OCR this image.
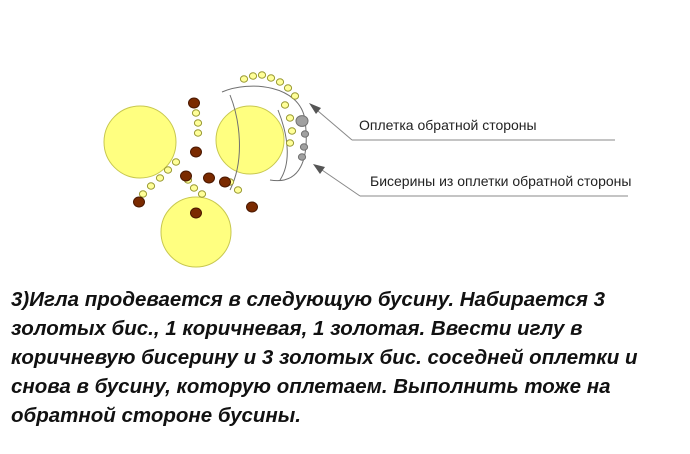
Оплетка обратной стороны
Бисерины из оплетки обратной стороны

3)Игла продевается в следующую бусину. Набирается 3 золотых бис., 1 коричневая, 1 золотая. Ввести иглу в коричневую бисерину и 3 золотых бис. соседней оплетки и снова в бусину, которую оплетаем. Выполнить тоже на обратной стороне бусины.
